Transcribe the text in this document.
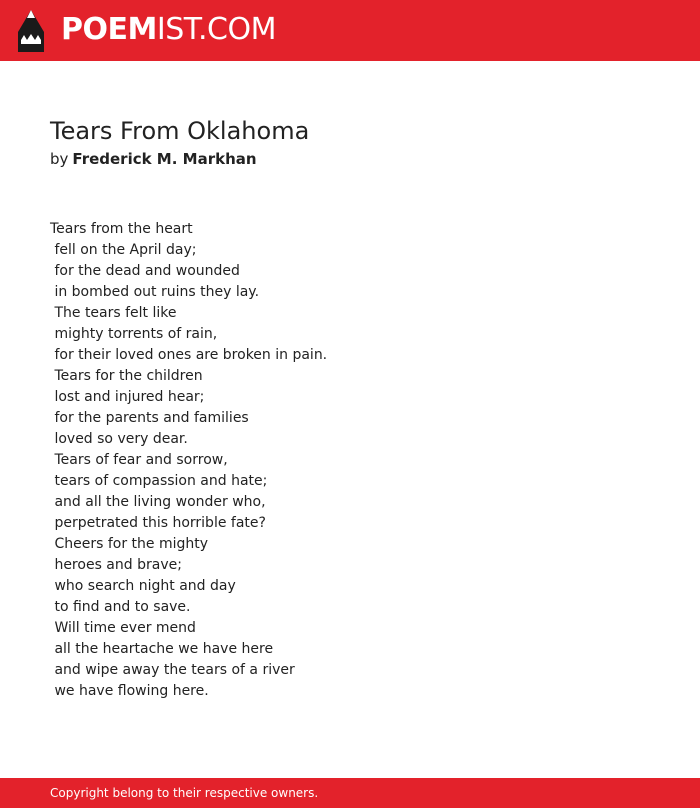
POEMIST.COM
Tears From Oklahoma
by Frederick M. Markhan
Tears from the heart
fell on the April day;
for the dead and wounded
in bombed out ruins they lay.
The tears felt like
mighty torrents of rain,
for their loved ones are broken in pain.
Tears for the children
lost and injured hear;
for the parents and families
loved so very dear.
Tears of fear and sorrow,
tears of compassion and hate;
and all the living wonder who,
perpetrated this horrible fate?
Cheers for the mighty
heroes and brave;
who search night and day
to find and to save.
Will time ever mend
all the heartache we have here
and wipe away the tears of a river
we have flowing here.
Copyright belong to their respective owners.
